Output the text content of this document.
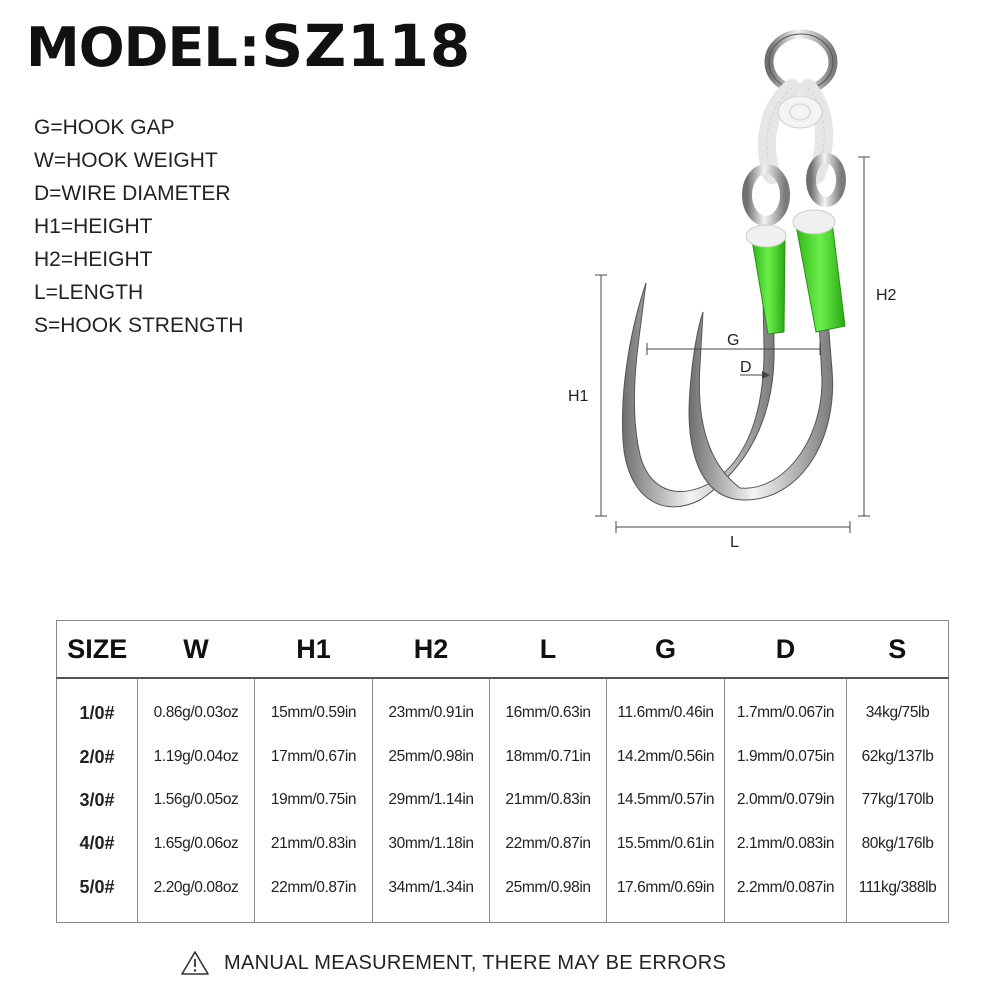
MODEL:SZ118
G=HOOK GAP
W=HOOK WEIGHT
D=WIRE DIAMETER
H1=HEIGHT
H2=HEIGHT
L=LENGTH
S=HOOK STRENGTH
H1
H2
L
G
D
SIZE	W	H1	H2	L	G	D	S
1/0#	0.86g/0.03oz	15mm/0.59in	23mm/0.91in	16mm/0.63in	11.6mm/0.46in	1.7mm/0.067in	34kg/75lb
2/0#	1.19g/0.04oz	17mm/0.67in	25mm/0.98in	18mm/0.71in	14.2mm/0.56in	1.9mm/0.075in	62kg/137lb
3/0#	1.56g/0.05oz	19mm/0.75in	29mm/1.14in	21mm/0.83in	14.5mm/0.57in	2.0mm/0.079in	77kg/170lb
4/0#	1.65g/0.06oz	21mm/0.83in	30mm/1.18in	22mm/0.87in	15.5mm/0.61in	2.1mm/0.083in	80kg/176lb
5/0#	2.20g/0.08oz	22mm/0.87in	34mm/1.34in	25mm/0.98in	17.6mm/0.69in	2.2mm/0.087in	111kg/388lb
MANUAL MEASUREMENT, THERE MAY BE ERRORS
